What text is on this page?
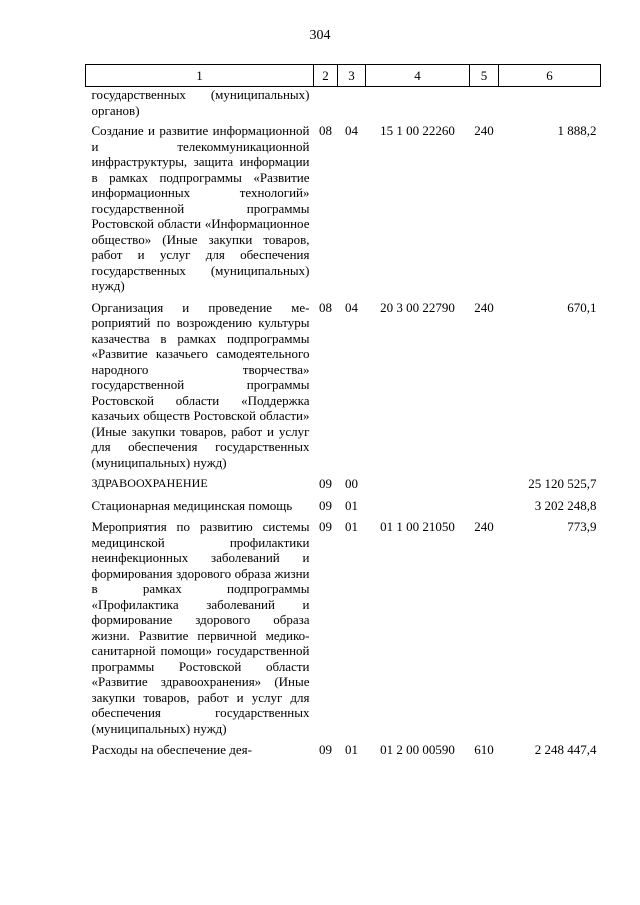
304
1	2	3	4	5	6
государственных (муниципальных) органов)					
Создание и развитие информационной и телекоммуникационной инфраструктуры, защита информации в рамках подпрограммы «Развитие информационных технологий» государственной программы Ростовской области «Информационное общество» (Иные закупки товаров, работ и услуг для обеспечения государственных (муниципальных) нужд)	08	04	15 1 00 22260	240	1 888,2
Организация и проведение мероприятий по возрождению культуры казачества в рамках подпрограммы «Развитие казачьего самодеятельного народного творчества» государственной программы Ростовской области «Поддержка казачьих обществ Ростовской области» (Иные закупки товаров, работ и услуг для обеспечения государственных (муниципальных) нужд)	08	04	20 3 00 22790	240	670,1
ЗДРАВООХРАНЕНИЕ	09	00			25 120 525,7
Стационарная медицинская помощь	09	01			3 202 248,8
Мероприятия по развитию системы медицинской профилактики неинфекционных заболеваний и формирования здорового образа жизни в рамках подпрограммы «Профилактика заболеваний и формирование здорового образа жизни. Развитие первичной медико-санитарной помощи» государственной программы Ростовской области «Развитие здравоохранения» (Иные закупки товаров, работ и услуг для обеспечения государственных (муниципальных) нужд)	09	01	01 1 00 21050	240	773,9
Расходы на обеспечение дея-	09	01	01 2 00 00590	610	2 248 447,4
